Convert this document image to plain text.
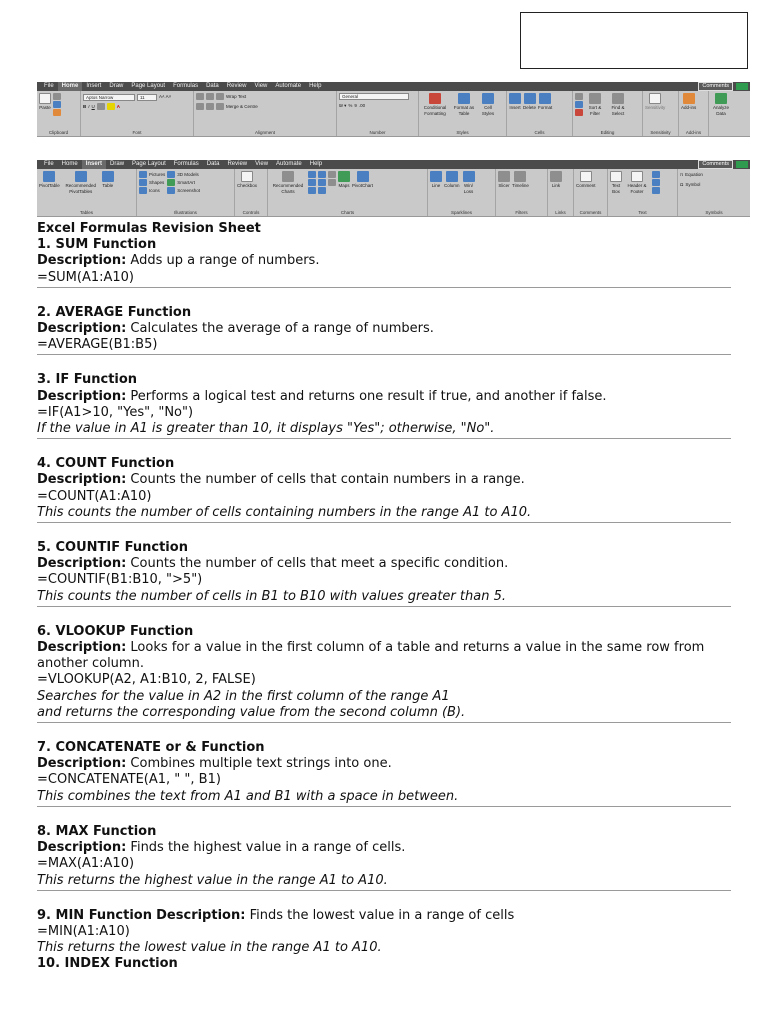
File	Home	Insert	Draw	Page Layout	Formulas	Data	Review	View	Automate	Help	Comments
Paste
Clipboard
Aptos Narrow	11	A˄ A˅
B I U	A
Font
Wrap Text
Merge & Centre
Alignment
General
₪ ▾ % 9 .00
Number
Conditional Formatting
Format as Table
Cell Styles
Styles
Insert Delete Format
Cells
Sort & Filter
Find & Select
Editing
Sensitivity
Sensitivity
Add-ins
Add-ins
Analyze Data
File	Home	Insert	Draw	Page Layout	Formulas	Data	Review	View	Automate	Help	Comments
PivotTable	Recommended PivotTables
Table
Tables
Pictures
Shapes
Icons
3D Models
SmartArt
Screenshot
Illustrations
Checkbox
Controls
Recommended Charts
Maps PivotChart
Charts
Line Column	Win/ Loss
Sparklines
Slicer Timeline
Filters
Link
Links
Comment
Comments
Text Box
Header & Footer
Text
π Equation
Ω Symbol
Symbols

Excel Formulas Revision Sheet

1. SUM Function

Description: Adds up a range of numbers.

=SUM(A1:A10)

2. AVERAGE Function

Description: Calculates the average of a range of numbers.

=AVERAGE(B1:B5)

3. IF Function

Description: Performs a logical test and returns one result if true, and another if false.

=IF(A1>10, "Yes", "No")

If the value in A1 is greater than 10, it displays "Yes"; otherwise, "No".

4. COUNT Function

Description: Counts the number of cells that contain numbers in a range.

=COUNT(A1:A10)

This counts the number of cells containing numbers in the range A1 to A10.

5. COUNTIF Function

Description: Counts the number of cells that meet a specific condition.

=COUNTIF(B1:B10, ">5")

This counts the number of cells in B1 to B10 with values greater than 5.

6. VLOOKUP Function

Description: Looks for a value in the first column of a table and returns a value in the same row from another column.

=VLOOKUP(A2, A1:B10, 2, FALSE)

Searches for the value in A2 in the first column of the range A1

and returns the corresponding value from the second column (B).

7. CONCATENATE or & Function

Description: Combines multiple text strings into one.

=CONCATENATE(A1, " ", B1)

This combines the text from A1 and B1 with a space in between.

8. MAX Function

Description: Finds the highest value in a range of cells.

=MAX(A1:A10)

This returns the highest value in the range A1 to A10.

9. MIN Function Description: Finds the lowest value in a range of cells

=MIN(A1:A10)

This returns the lowest value in the range A1 to A10.

10. INDEX Function
